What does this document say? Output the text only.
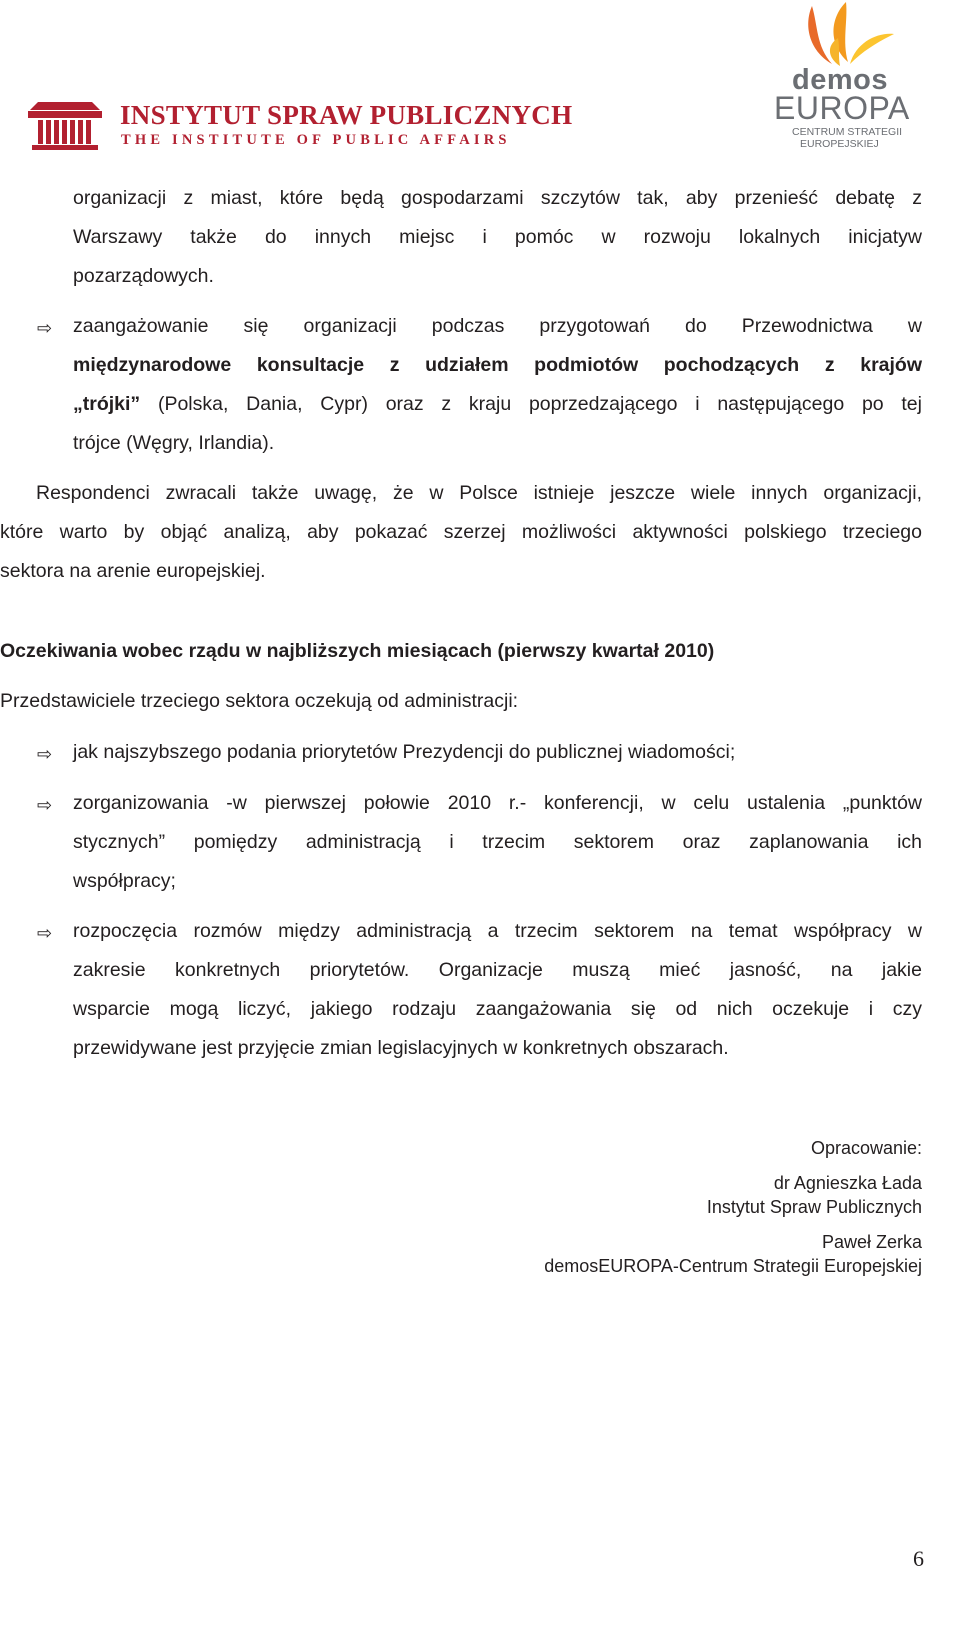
INSTYTUT SPRAW PUBLICZNYCH
THE INSTITUTE OF PUBLIC AFFAIRS
demos
EUROPA
CENTRUM STRATEGII
EUROPEJSKIEJ
organizacji z miast, które będą gospodarzami szczytów tak, aby przenieść debatę z
Warszawy także do innych miejsc i pomóc w rozwoju lokalnych inicjatyw
pozarządowych.
⇨ zaangażowanie się organizacji podczas przygotowań do Przewodnictwa w
międzynarodowe konsultacje z udziałem podmiotów pochodzących z krajów
„trójki” (Polska, Dania, Cypr) oraz z kraju poprzedzającego i następującego po tej
trójce (Węgry, Irlandia).
Respondenci zwracali także uwagę, że w Polsce istnieje jeszcze wiele innych organizacji,
które warto by objąć analizą, aby pokazać szerzej możliwości aktywności polskiego trzeciego
sektora na arenie europejskiej.
Oczekiwania wobec rządu w najbliższych miesiącach (pierwszy kwartał 2010)
Przedstawiciele trzeciego sektora oczekują od administracji:
⇨ jak najszybszego podania priorytetów Prezydencji do publicznej wiadomości;
⇨ zorganizowania -w pierwszej połowie 2010 r.- konferencji, w celu ustalenia „punktów
stycznych” pomiędzy administracją i trzecim sektorem oraz zaplanowania ich
współpracy;
⇨ rozpoczęcia rozmów między administracją a trzecim sektorem na temat współpracy w
zakresie konkretnych priorytetów. Organizacje muszą mieć jasność, na jakie
wsparcie mogą liczyć, jakiego rodzaju zaangażowania się od nich oczekuje i czy
przewidywane jest przyjęcie zmian legislacyjnych w konkretnych obszarach.
Opracowanie:
dr Agnieszka Łada
Instytut Spraw Publicznych
Paweł Zerka
demosEUROPA-Centrum Strategii Europejskiej
6
